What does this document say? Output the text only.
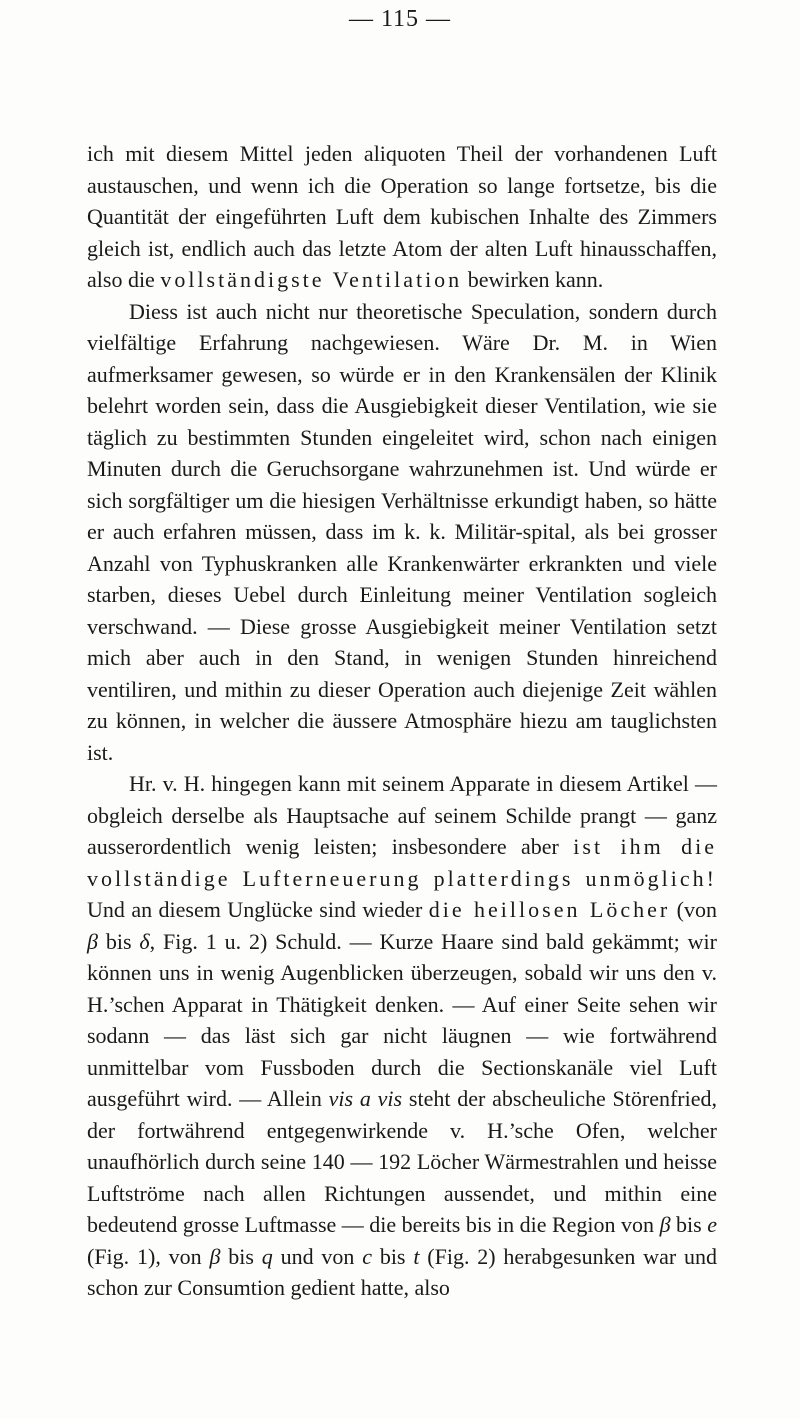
— 115 —

ich mit diesem Mittel jeden aliquoten Theil der vorhandenen Luft austauschen, und wenn ich die Operation so lange fortsetze, bis die Quantität der eingeführten Luft dem kubischen Inhalte des Zimmers gleich ist, endlich auch das letzte Atom der alten Luft hinausschaffen, also die vollständigste Ventilation bewirken kann.

Diess ist auch nicht nur theoretische Speculation, sondern durch vielfältige Erfahrung nachgewiesen. Wäre Dr. M. in Wien aufmerksamer gewesen, so würde er in den Krankensälen der Klinik belehrt worden sein, dass die Ausgiebigkeit dieser Ventilation, wie sie täglich zu bestimmten Stunden eingeleitet wird, schon nach einigen Minuten durch die Geruchsorgane wahrzunehmen ist. Und würde er sich sorgfältiger um die hiesigen Verhältnisse erkundigt haben, so hätte er auch erfahren müssen, dass im k. k. Militär-spital, als bei grosser Anzahl von Typhuskranken alle Krankenwärter erkrankten und viele starben, dieses Uebel durch Einleitung meiner Ventilation sogleich verschwand. — Diese grosse Ausgiebigkeit meiner Ventilation setzt mich aber auch in den Stand, in wenigen Stunden hinreichend ventiliren, und mithin zu dieser Operation auch diejenige Zeit wählen zu können, in welcher die äussere Atmosphäre hiezu am tauglichsten ist.

Hr. v. H. hingegen kann mit seinem Apparate in diesem Artikel — obgleich derselbe als Hauptsache auf seinem Schilde prangt — ganz ausserordentlich wenig leisten; insbesondere aber ist ihm die vollständige Lufterneuerung platterdings unmöglich! Und an diesem Unglücke sind wieder die heillosen Löcher (von β bis δ, Fig. 1 u. 2) Schuld. — Kurze Haare sind bald gekämmt; wir können uns in wenig Augenblicken überzeugen, sobald wir uns den v. H.’schen Apparat in Thätigkeit denken. — Auf einer Seite sehen wir sodann — das läst sich gar nicht läugnen — wie fortwährend unmittelbar vom Fussboden durch die Sectionskanäle viel Luft ausgeführt wird. — Allein vis a vis steht der abscheuliche Störenfried, der fortwährend entgegenwirkende v. H.’sche Ofen, welcher unaufhörlich durch seine 140 — 192 Löcher Wärmestrahlen und heisse Luftströme nach allen Richtungen aussendet, und mithin eine bedeutend grosse Luftmasse — die bereits bis in die Region von β bis e (Fig. 1), von β bis q und von c bis t (Fig. 2) herabgesunken war und schon zur Consumtion gedient hatte, also
